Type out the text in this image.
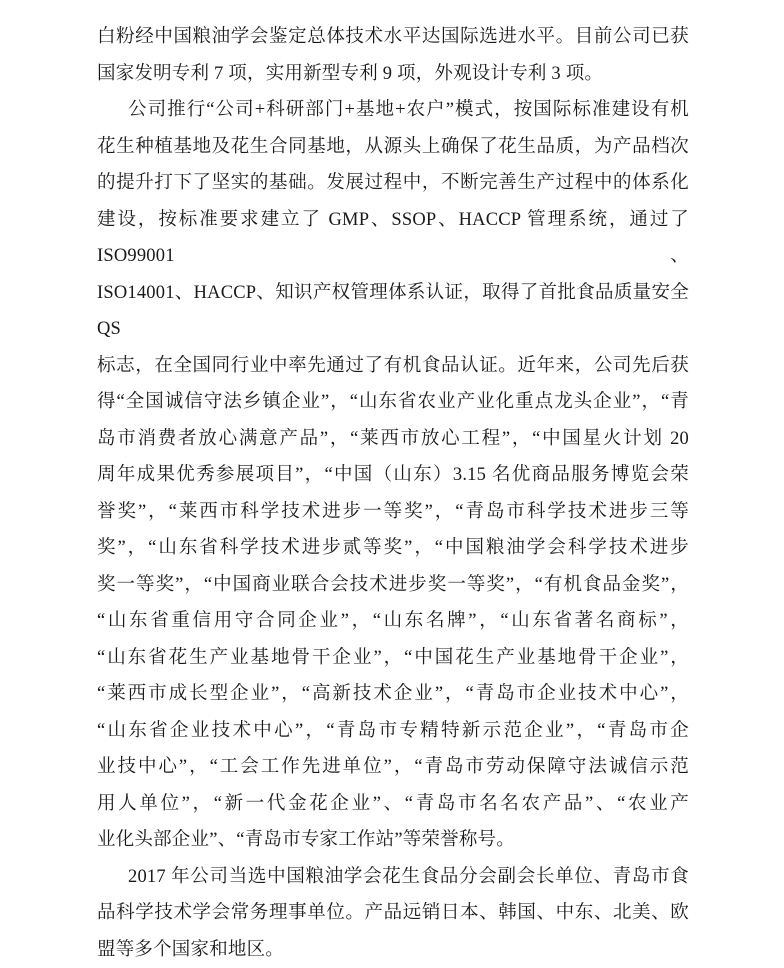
白粉经中国粮油学会鉴定总体技术水平达国际选进水平。目前公司已获
国家发明专利 7 项，实用新型专利 9 项，外观设计专利 3 项。
公司推行“公司+科研部门+基地+农户”模式，按国际标准建设有机
花生种植基地及花生合同基地，从源头上确保了花生品质，为产品档次
的提升打下了坚实的基础。发展过程中，不断完善生产过程中的体系化
建设，按标准要求建立了 GMP、SSOP、HACCP 管理系统，通过了 ISO99001、
ISO14001、HACCP、知识产权管理体系认证，取得了首批食品质量安全 QS
标志，在全国同行业中率先通过了有机食品认证。近年来，公司先后获
得“全国诚信守法乡镇企业”，“山东省农业产业化重点龙头企业”，“青
岛市消费者放心满意产品”，“莱西市放心工程”，“中国星火计划 20
周年成果优秀参展项目”，“中国（山东）3.15 名优商品服务博览会荣
誉奖”，“莱西市科学技术进步一等奖”，“青岛市科学技术进步三等
奖”，“山东省科学技术进步贰等奖”，“中国粮油学会科学技术进步
奖一等奖”，“中国商业联合会技术进步奖一等奖”，“有机食品金奖”，
“山东省重信用守合同企业”，“山东名牌”，“山东省著名商标”，
“山东省花生产业基地骨干企业”，“中国花生产业基地骨干企业”，
“莱西市成长型企业”，“高新技术企业”，“青岛市企业技术中心”，
“山东省企业技术中心”，“青岛市专精特新示范企业”，“青岛市企
业技中心”，“工会工作先进单位”，“青岛市劳动保障守法诚信示范
用人单位”，“新一代金花企业”、“青岛市名名农产品”、“农业产
业化头部企业”、“青岛市专家工作站”等荣誉称号。
2017 年公司当选中国粮油学会花生食品分会副会长单位、青岛市食
品科学技术学会常务理事单位。产品远销日本、韩国、中东、北美、欧
盟等多个国家和地区。
